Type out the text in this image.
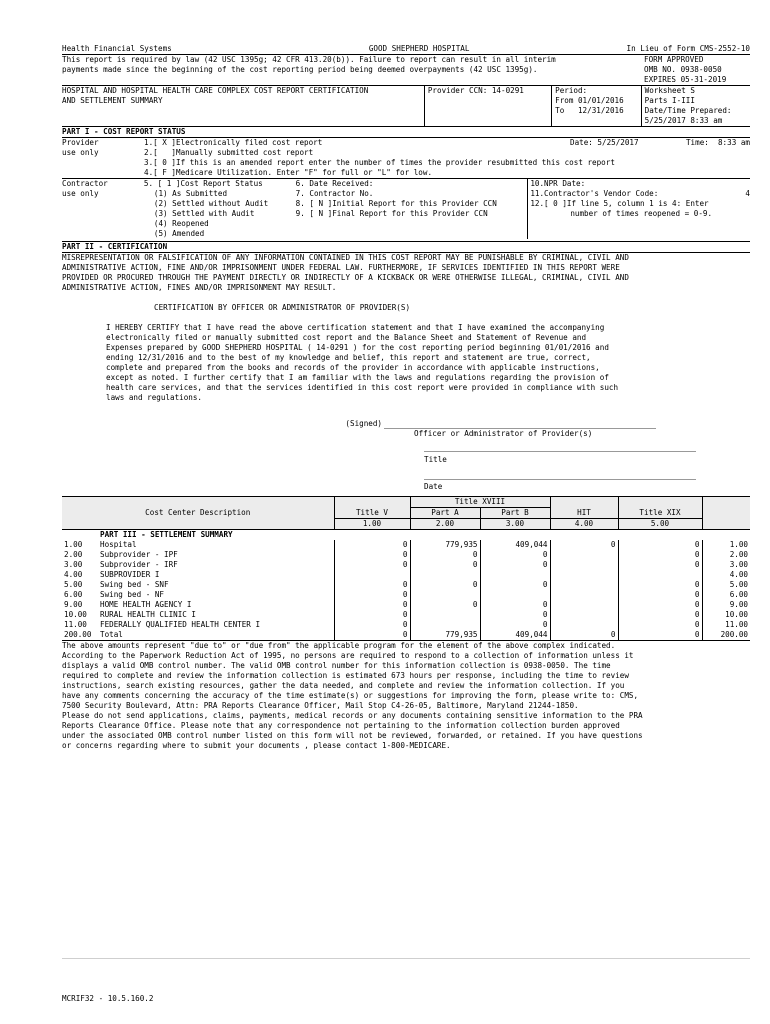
Health Financial Systems	GOOD SHEPHERD HOSPITAL	In Lieu of Form CMS-2552-10
This report is required by law (42 USC 1395g; 42 CFR 413.20(b)). Failure to report can result in all interim
payments made since the beginning of the cost reporting period being deemed overpayments (42 USC 1395g).

FORM APPROVED
OMB NO. 0938-0050
EXPIRES 05-31-2019
HOSPITAL AND HOSPITAL HEALTH CARE COMPLEX COST REPORT CERTIFICATION
AND SETTLEMENT SUMMARY
Provider CCN: 14-0291	Period:
From 01/01/2016
To   12/31/2016
Worksheet S
Parts I-III
Date/Time Prepared:
5/25/2017 8:33 am
PART I - COST REPORT STATUS
Provider
use only
1.[ X ]Electronically filed cost report	Date: 5/25/2017	Time:  8:33 am
2.[   ]Manually submitted cost report
3.[ 0 ]If this is an amended report enter the number of times the provider resubmitted this cost report
4.[ F ]Medicare Utilization. Enter "F" for full or "L" for low.
Contractor
use only
5. [ 1 ]Cost Report Status
(1) As Submitted
(2) Settled without Audit
(3) Settled with Audit
(4) Reopened
(5) Amended
6. Date Received:
7. Contractor No.
8. [ N ]Initial Report for this Provider CCN
9. [ N ]Final Report for this Provider CCN
10.NPR Date:
11.Contractor's Vendor Code:	4
12.[ 0 ]If line 5, column 1 is 4: Enter
number of times reopened = 0-9.
PART II - CERTIFICATION
MISREPRESENTATION OR FALSIFICATION OF ANY INFORMATION CONTAINED IN THIS COST REPORT MAY BE PUNISHABLE BY CRIMINAL, CIVIL AND
ADMINISTRATIVE ACTION, FINE AND/OR IMPRISONMENT UNDER FEDERAL LAW. FURTHERMORE, IF SERVICES IDENTIFIED IN THIS REPORT WERE
PROVIDED OR PROCURED THROUGH THE PAYMENT DIRECTLY OR INDIRECTLY OF A KICKBACK OR WERE OTHERWISE ILLEGAL, CRIMINAL, CIVIL AND
ADMINISTRATIVE ACTION, FINES AND/OR IMPRISONMENT MAY RESULT.
CERTIFICATION BY OFFICER OR ADMINISTRATOR OF PROVIDER(S)
I HEREBY CERTIFY that I have read the above certification statement and that I have examined the accompanying
electronically filed or manually submitted cost report and the Balance Sheet and Statement of Revenue and
Expenses prepared by GOOD SHEPHERD HOSPITAL ( 14-0291 ) for the cost reporting period beginning 01/01/2016 and
ending 12/31/2016 and to the best of my knowledge and belief, this report and statement are true, correct,
complete and prepared from the books and records of the provider in accordance with applicable instructions,
except as noted. I further certify that I am familiar with the laws and regulations regarding the provision of
health care services, and that the services identified in this cost report were provided in compliance with such
laws and regulations.
(Signed)
Officer or Administrator of Provider(s)
Title
Date
Cost Center Description			Title XVIII				
		Title V	Part A	Part B	HIT	Title XIX	
		1.00	2.00	3.00	4.00	5.00	
	PART III - SETTLEMENT SUMMARY						
1.00	Hospital	0	779,935	409,044	0	0	1.00
2.00	Subprovider - IPF	0	0	0		0	2.00
3.00	Subprovider - IRF	0	0	0		0	3.00
4.00	SUBPROVIDER I						4.00
5.00	Swing bed - SNF	0	0	0		0	5.00
6.00	Swing bed - NF	0				0	6.00
9.00	HOME HEALTH AGENCY I	0	0	0		0	9.00
10.00	RURAL HEALTH CLINIC I	0		0		0	10.00
11.00	FEDERALLY QUALIFIED HEALTH CENTER I	0		0		0	11.00
200.00	Total	0	779,935	409,044	0	0	200.00
The above amounts represent "due to" or "due from" the applicable program for the element of the above complex indicated.
According to the Paperwork Reduction Act of 1995, no persons are required to respond to a collection of information unless it
displays a valid OMB control number. The valid OMB control number for this information collection is 0938-0050. The time
required to complete and review the information collection is estimated 673 hours per response, including the time to review
instructions, search existing resources, gather the data needed, and complete and review the information collection. If you
have any comments concerning the accuracy of the time estimate(s) or suggestions for improving the form, please write to: CMS,
7500 Security Boulevard, Attn: PRA Reports Clearance Officer, Mail Stop C4-26-05, Baltimore, Maryland 21244-1850.
Please do not send applications, claims, payments, medical records or any documents containing sensitive information to the PRA
Reports Clearance Office. Please note that any correspondence not pertaining to the information collection burden approved
under the associated OMB control number listed on this form will not be reviewed, forwarded, or retained. If you have questions
or concerns regarding where to submit your documents , please contact 1-800-MEDICARE.
MCRIF32 - 10.5.160.2
